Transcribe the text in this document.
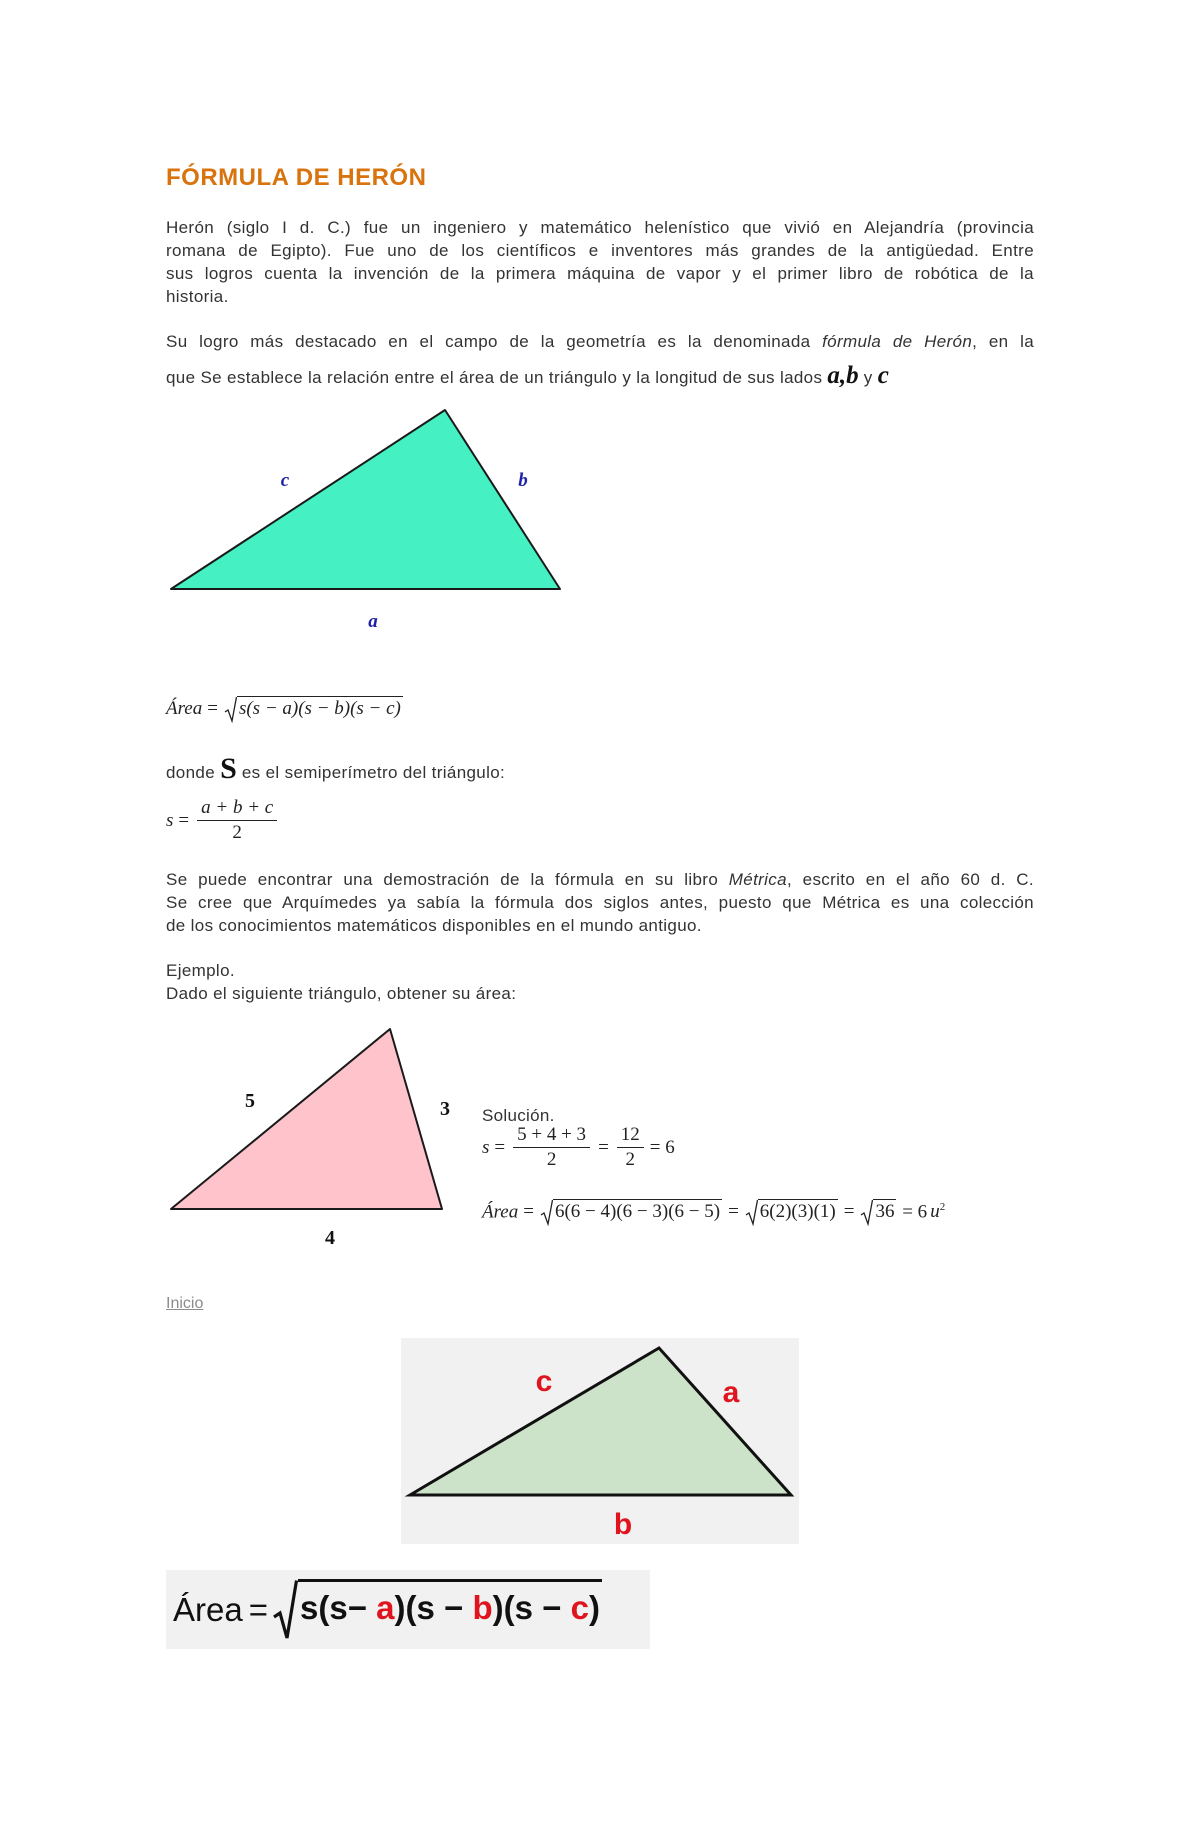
FÓRMULA DE HERÓN
Herón (siglo I d. C.) fue un ingeniero y matemático helenístico que vivió en Alejandría (provincia
romana de Egipto). Fue uno de los científicos e inventores más grandes de la antigüedad. Entre
sus logros cuenta la invención de la primera máquina de vapor y el primer libro de robótica de la
historia.
Su logro más destacado en el campo de la geometría es la denominada fórmula de Herón, en la
que Se establece la relación entre el área de un triángulo y la longitud de sus lados a,b y c
c	b
a
Área = s(s − a)(s − b)(s − c)
donde S es el semiperímetro del triángulo:
$s = \frac{a + b + c}{2}$
Se puede encontrar una demostración de la fórmula en su libro Métrica, escrito en el año 60 d. C.
Se cree que Arquímedes ya sabía la fórmula dos siglos antes, puesto que Métrica es una colección
de los conocimientos matemáticos disponibles en el mundo antiguo.
Ejemplo.
Dado el siguiente triángulo, obtener su área:
5	3
4
Solución.
$s = \frac{5 + 4 + 3}{2} = \frac{12}{2} = 6$
Área = 6(6 − 4)(6 − 3)(6 − 5) = 6(2)(3)(1) = 36 = 6 $u^2$
Inicio
c	a
b
Área = s(s− a)(s − b)(s − c)
